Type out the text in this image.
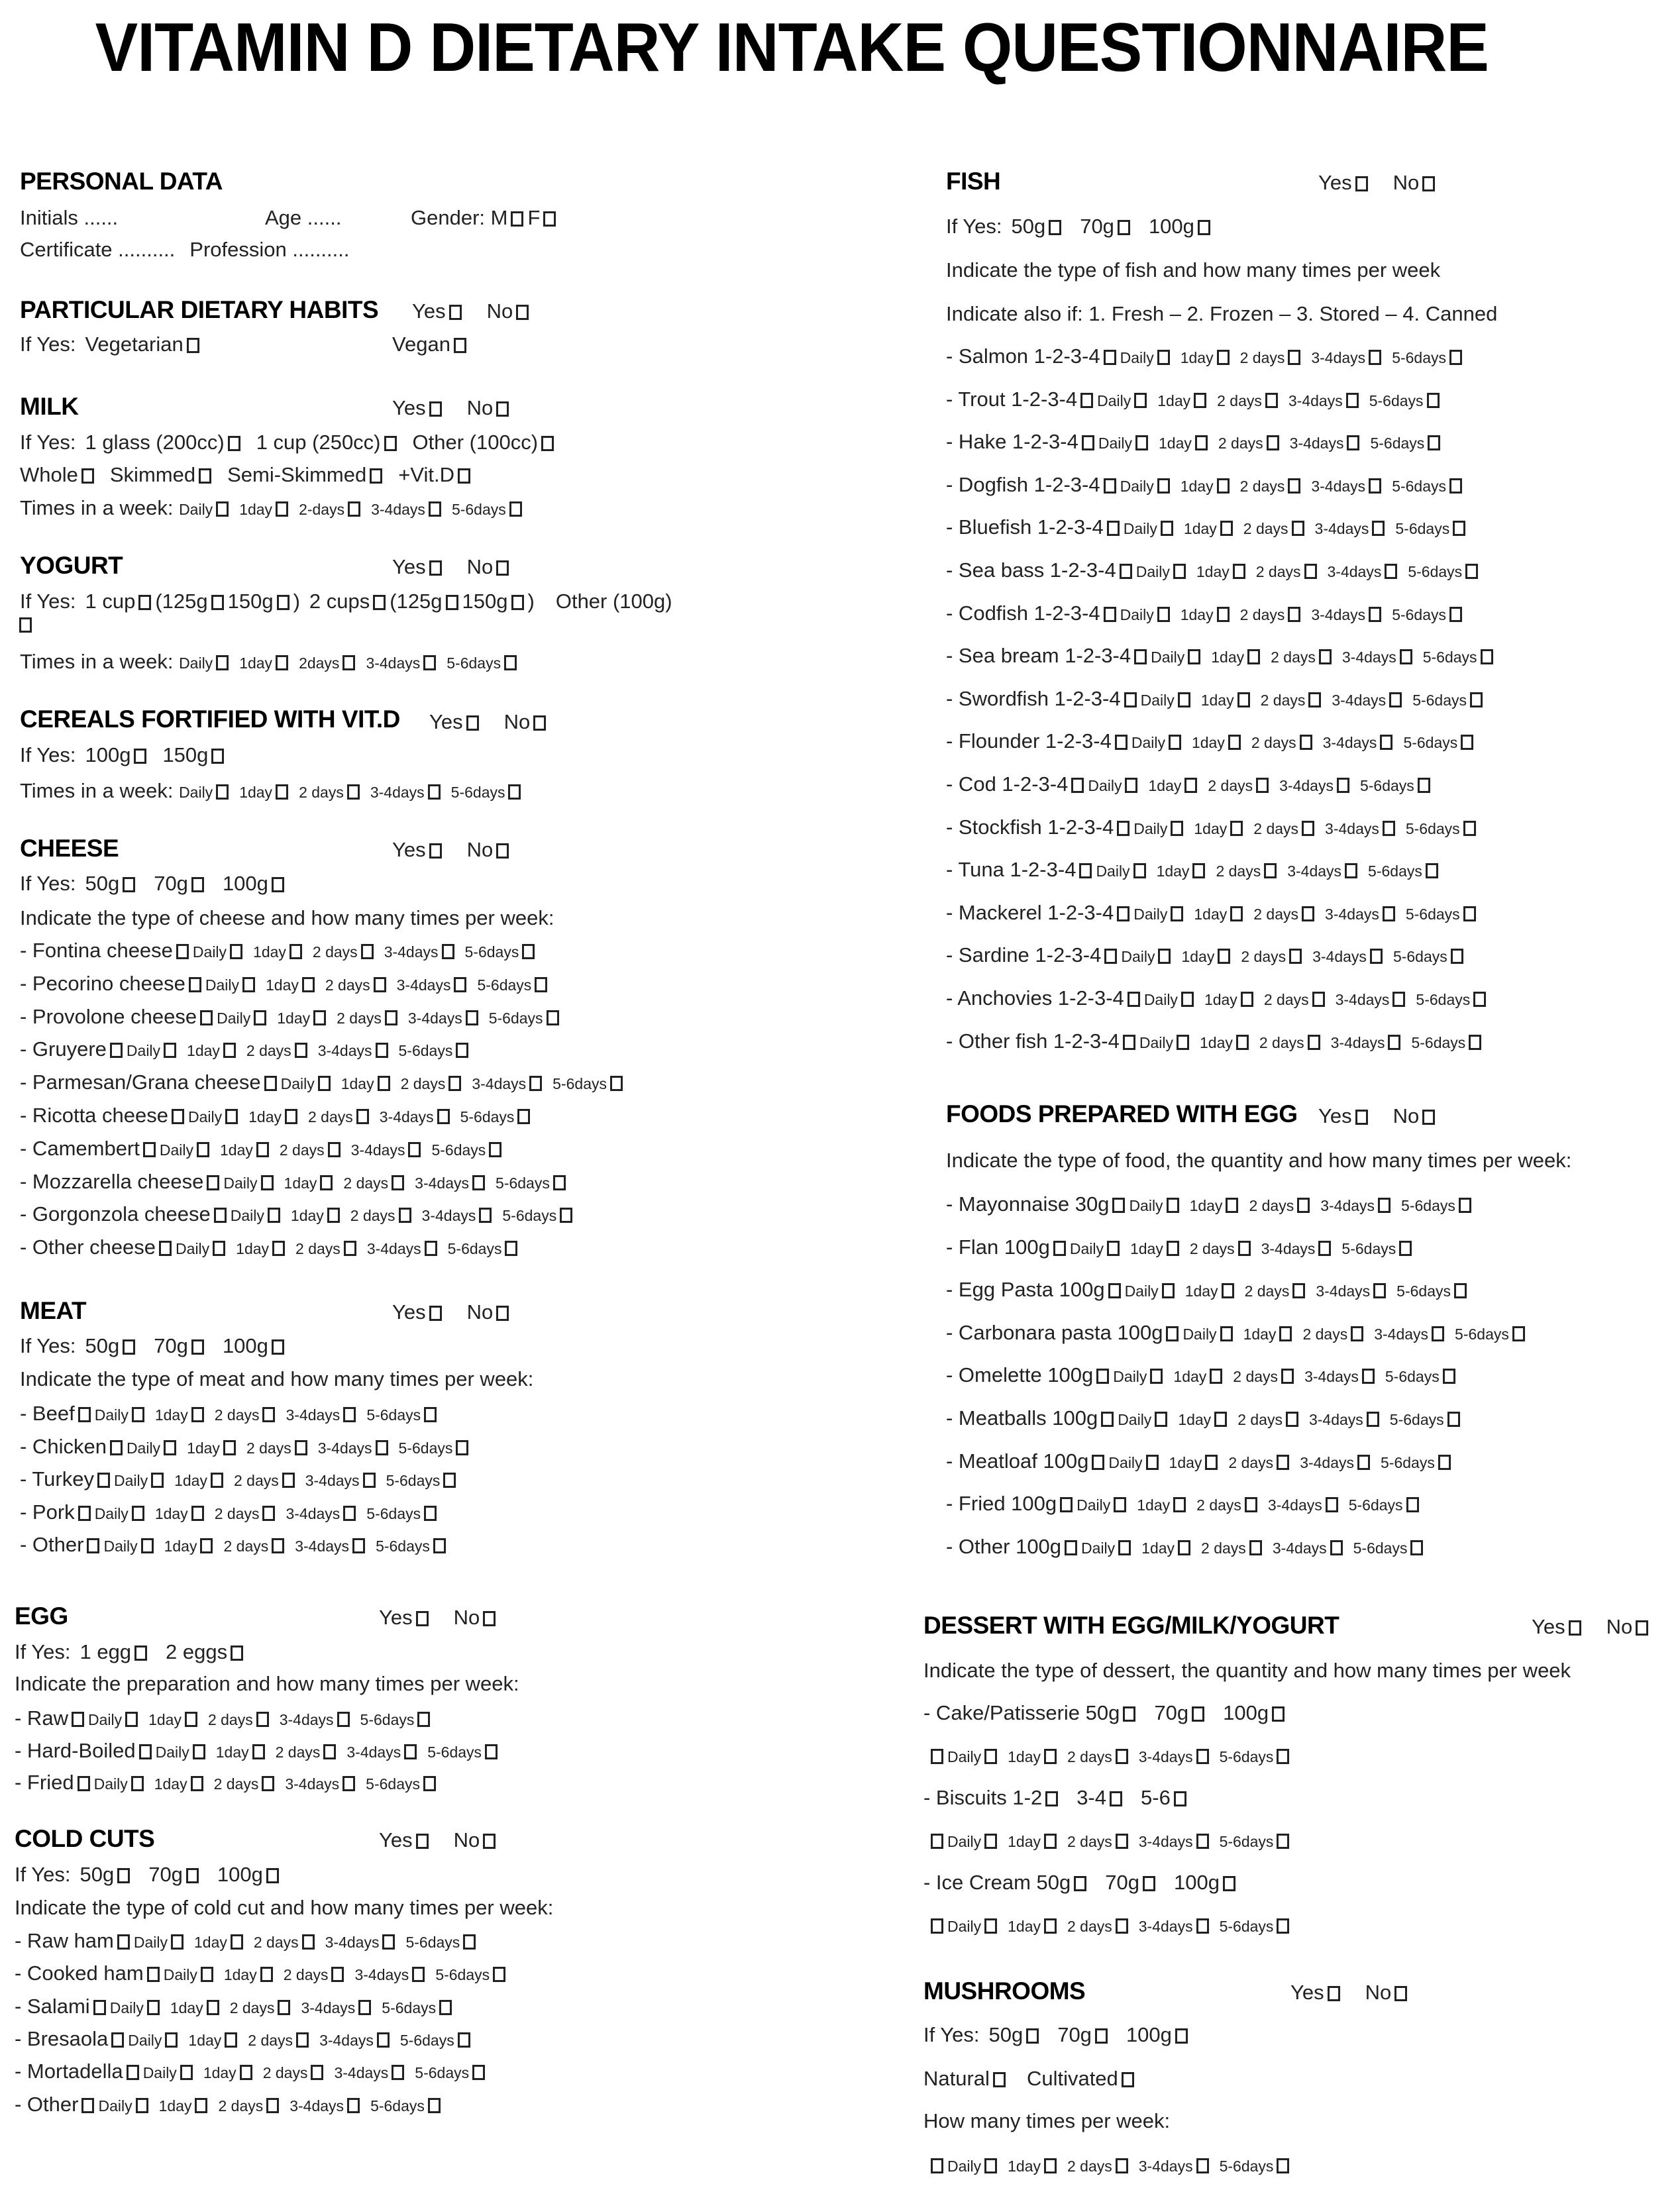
VITAMIN D DIETARY INTAKE QUESTIONNAIRE
PERSONAL DATA
Initials ......	Age ......	Gender: M F
Certificate .......... Profession ..........
PARTICULAR DIETARY HABITS Yes No
If Yes: Vegetarian	Vegan
MILK	Yes No
If Yes: 1 glass (200cc) 1 cup (250cc) Other (100cc)
Whole Skimmed Semi-Skimmed +Vit.D
Times in a week: Daily 1day 2-days 3-4days 5-6days
YOGURT	Yes No
If Yes: 1 cup (125g 150g ) 2 cups (125g 150g ) Other (100g)
Times in a week: Daily 1day 2days 3-4days 5-6days
CEREALS FORTIFIED WITH VIT.D Yes No
If Yes: 100g 150g
Times in a week: Daily 1day 2 days 3-4days 5-6days
CHEESE	Yes No
If Yes: 50g 70g 100g
Indicate the type of cheese and how many times per week:
- Fontina cheese Daily 1day 2 days 3-4days 5-6days
- Pecorino cheese Daily 1day 2 days 3-4days 5-6days
- Provolone cheese Daily 1day 2 days 3-4days 5-6days
- Gruyere Daily 1day 2 days 3-4days 5-6days
- Parmesan/Grana cheese Daily 1day 2 days 3-4days 5-6days
- Ricotta cheese Daily 1day 2 days 3-4days 5-6days
- Camembert Daily 1day 2 days 3-4days 5-6days
- Mozzarella cheese Daily 1day 2 days 3-4days 5-6days
- Gorgonzola cheese Daily 1day 2 days 3-4days 5-6days
- Other cheese Daily 1day 2 days 3-4days 5-6days
MEAT	Yes No
If Yes: 50g 70g 100g
Indicate the type of meat and how many times per week:
- Beef Daily 1day 2 days 3-4days 5-6days
- Chicken Daily 1day 2 days 3-4days 5-6days
- Turkey Daily 1day 2 days 3-4days 5-6days
- Pork Daily 1day 2 days 3-4days 5-6days
- Other Daily 1day 2 days 3-4days 5-6days
EGG	Yes No
If Yes: 1 egg 2 eggs
Indicate the preparation and how many times per week:
- Raw Daily 1day 2 days 3-4days 5-6days
- Hard-Boiled Daily 1day 2 days 3-4days 5-6days
- Fried Daily 1day 2 days 3-4days 5-6days
COLD CUTS	Yes No
If Yes: 50g 70g 100g
Indicate the type of cold cut and how many times per week:
- Raw ham Daily 1day 2 days 3-4days 5-6days
- Cooked ham Daily 1day 2 days 3-4days 5-6days
- Salami Daily 1day 2 days 3-4days 5-6days
- Bresaola Daily 1day 2 days 3-4days 5-6days
- Mortadella Daily 1day 2 days 3-4days 5-6days
- Other Daily 1day 2 days 3-4days 5-6days
FISH	Yes No
If Yes: 50g 70g 100g
Indicate the type of fish and how many times per week
Indicate also if: 1. Fresh – 2. Frozen – 3. Stored – 4. Canned
- Salmon 1-2-3-4 Daily 1day 2 days 3-4days 5-6days
- Trout 1-2-3-4 Daily 1day 2 days 3-4days 5-6days
- Hake 1-2-3-4 Daily 1day 2 days 3-4days 5-6days
- Dogfish 1-2-3-4 Daily 1day 2 days 3-4days 5-6days
- Bluefish 1-2-3-4 Daily 1day 2 days 3-4days 5-6days
- Sea bass 1-2-3-4 Daily 1day 2 days 3-4days 5-6days
- Codfish 1-2-3-4 Daily 1day 2 days 3-4days 5-6days
- Sea bream 1-2-3-4 Daily 1day 2 days 3-4days 5-6days
- Swordfish 1-2-3-4 Daily 1day 2 days 3-4days 5-6days
- Flounder 1-2-3-4 Daily 1day 2 days 3-4days 5-6days
- Cod 1-2-3-4 Daily 1day 2 days 3-4days 5-6days
- Stockfish 1-2-3-4 Daily 1day 2 days 3-4days 5-6days
- Tuna 1-2-3-4 Daily 1day 2 days 3-4days 5-6days
- Mackerel 1-2-3-4 Daily 1day 2 days 3-4days 5-6days
- Sardine 1-2-3-4 Daily 1day 2 days 3-4days 5-6days
- Anchovies 1-2-3-4 Daily 1day 2 days 3-4days 5-6days
- Other fish 1-2-3-4 Daily 1day 2 days 3-4days 5-6days
FOODS PREPARED WITH EGG Yes No
Indicate the type of food, the quantity and how many times per week:
- Mayonnaise 30g Daily 1day 2 days 3-4days 5-6days
- Flan 100g Daily 1day 2 days 3-4days 5-6days
- Egg Pasta 100g Daily 1day 2 days 3-4days 5-6days
- Carbonara pasta 100g Daily 1day 2 days 3-4days 5-6days
- Omelette 100g Daily 1day 2 days 3-4days 5-6days
- Meatballs 100g Daily 1day 2 days 3-4days 5-6days
- Meatloaf 100g Daily 1day 2 days 3-4days 5-6days
- Fried 100g Daily 1day 2 days 3-4days 5-6days
- Other 100g Daily 1day 2 days 3-4days 5-6days
DESSERT WITH EGG/MILK/YOGURT	Yes No
Indicate the type of dessert, the quantity and how many times per week
- Cake/Patisserie 50g 70g 100g
Daily 1day 2 days 3-4days 5-6days
- Biscuits 1-2 3-4 5-6
Daily 1day 2 days 3-4days 5-6days
- Ice Cream 50g 70g 100g
Daily 1day 2 days 3-4days 5-6days
MUSHROOMS	Yes No
If Yes: 50g 70g 100g
Natural Cultivated
How many times per week:
Daily 1day 2 days 3-4days 5-6days
